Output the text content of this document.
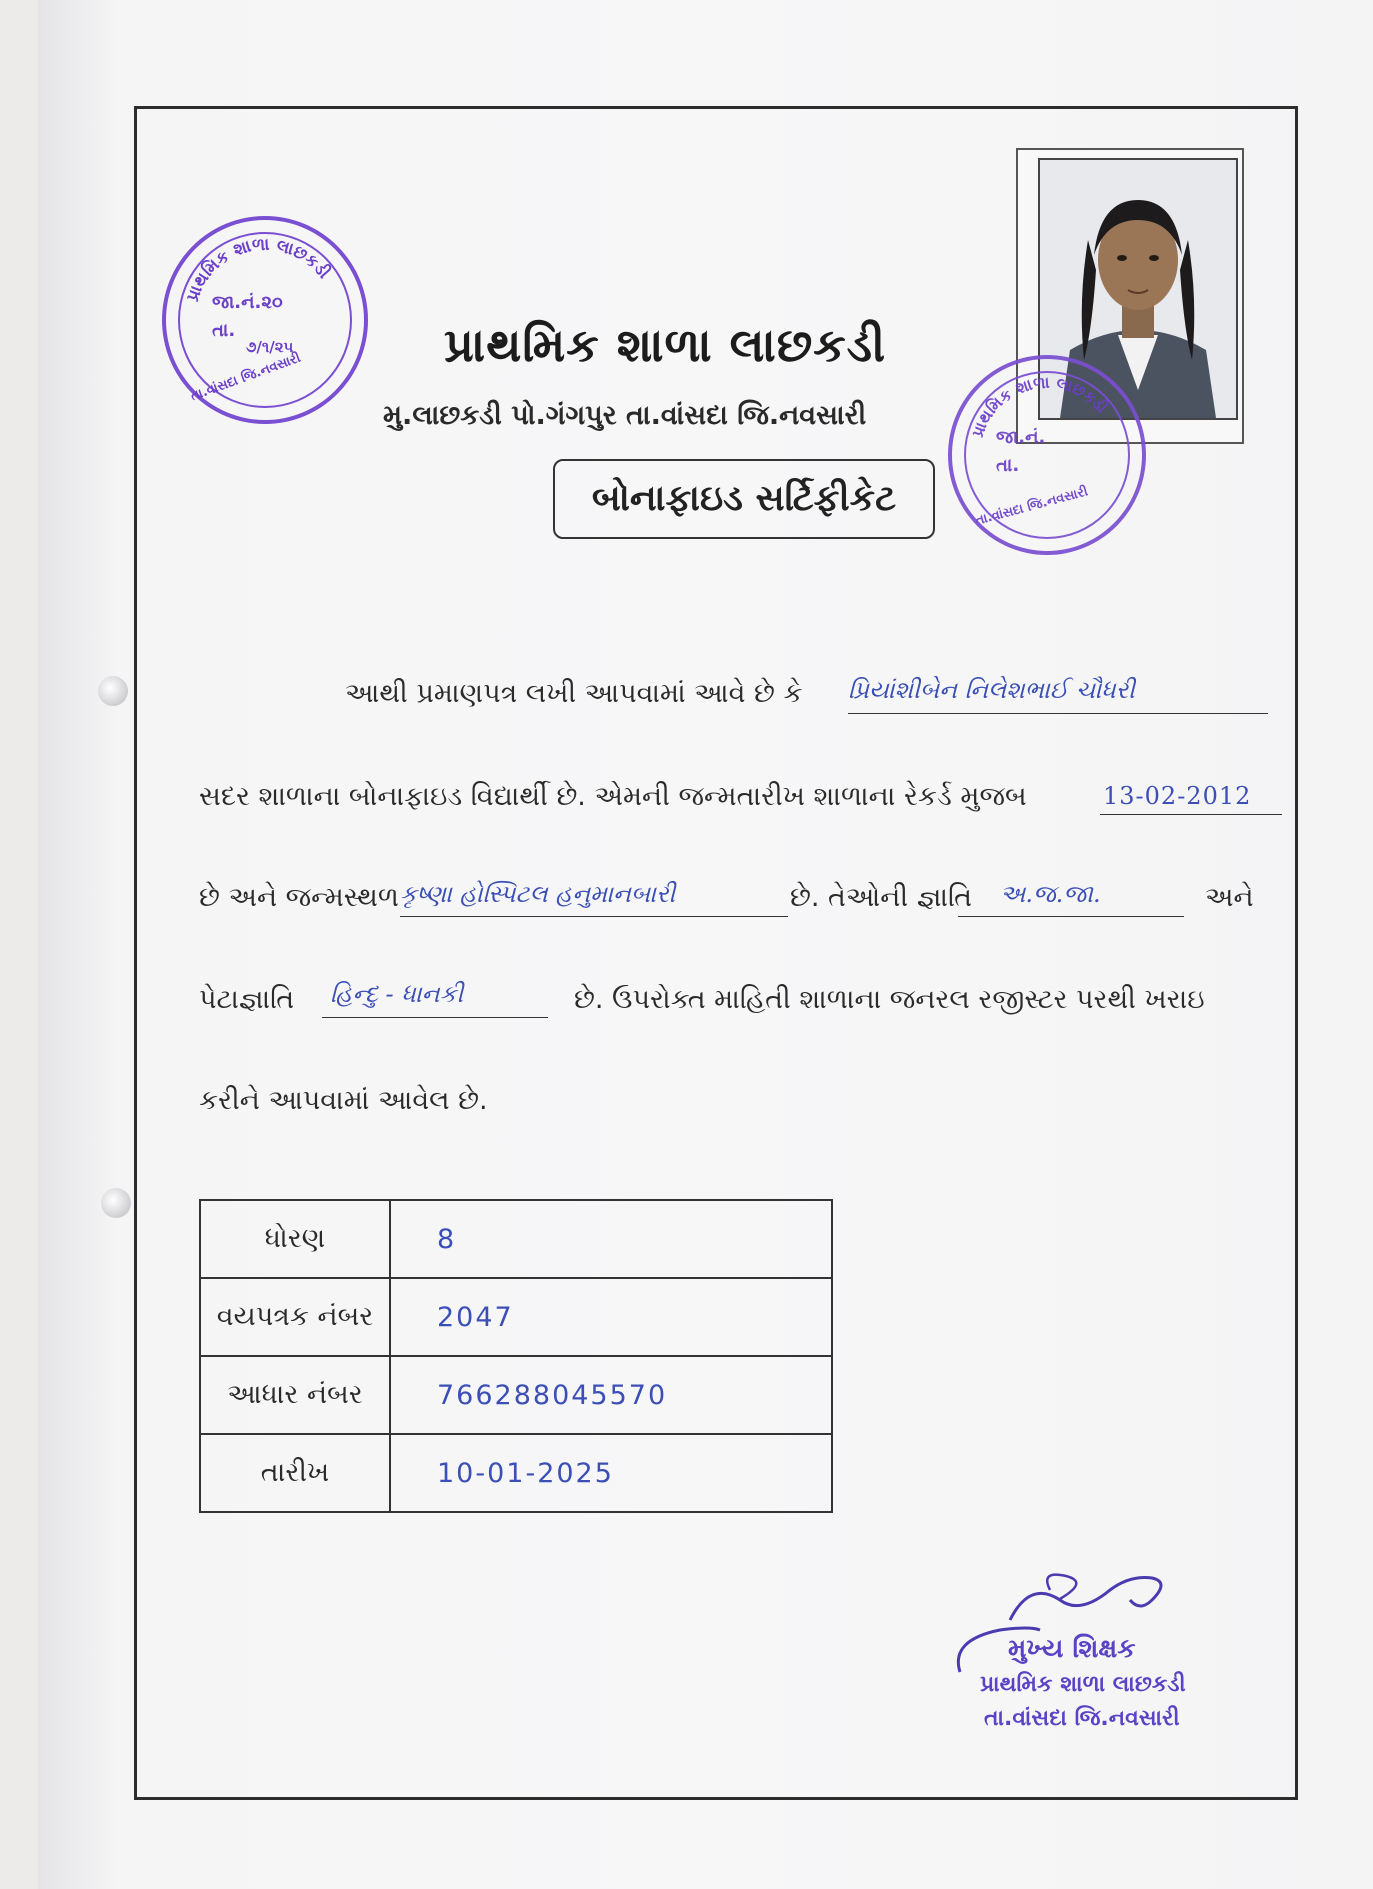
પ્રાથમિક શાળા લાછકડી
જા.નં.૨૦
તા.
૭/૧/૨૫
તા.વાંસદા જિ.નવસારી
પ્રાથમિક શાળા લાછકડી
મુ.લાછકડી પો.ગંગપુર તા.વાંસદા જિ.નવસારી
બોનાફાઇડ સર્ટિફીકેટ
પ્રાથમિક શાળા લાછકડી
જા.નં.
તા.
તા.વાંસદા જિ.નવસારી
આથી પ્રમાણપત્ર લખી આપવામાં આવે છે કે પ્રિયાંશીબેન નિલેશભાઈ ચૌધરી
સદર શાળાના બોનાફાઇડ વિદ્યાર્થી છે. એમની જન્મતારીખ શાળાના રેકર્ડ મુજબ	13-02-2012
છે અને જન્મસ્થળ કૃષ્ણા હોસ્પિટલ હનુમાનબારી	છે. તેઓની જ્ઞાતિ અ.જ.જા.	અને
પેટાજ્ઞાતિ હિન્દુ - ધાનકી	છે. ઉપરોક્ત માહિતી શાળાના જનરલ રજીસ્ટર પરથી ખરાઇ
કરીને આપવામાં આવેલ છે.
ધોરણ	8
વયપત્રક નંબર	2047
આધાર નંબર	766288045570
તારીખ	10-01-2025
મુખ્ય શિક્ષક
પ્રાથમિક શાળા લાછકડી
તા.વાંસદા જિ.નવસારી
